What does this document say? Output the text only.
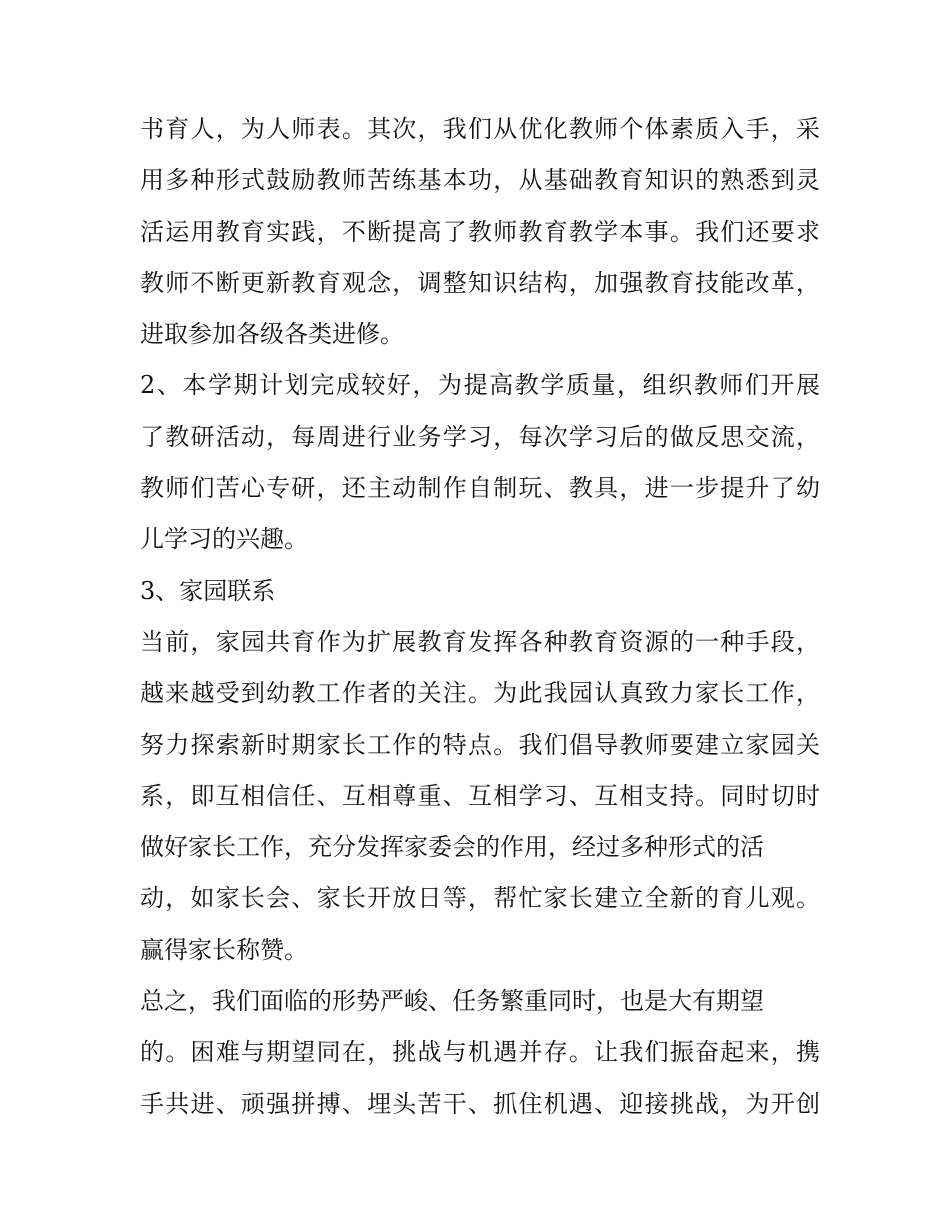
书育人，为人师表。其次，我们从优化教师个体素质入手，采
用多种形式鼓励教师苦练基本功，从基础教育知识的熟悉到灵
活运用教育实践，不断提高了教师教育教学本事。我们还要求
教师不断更新教育观念，调整知识结构，加强教育技能改革，
进取参加各级各类进修。
2、本学期计划完成较好，为提高教学质量，组织教师们开展
了教研活动，每周进行业务学习，每次学习后的做反思交流，
教师们苦心专研，还主动制作自制玩、教具，进一步提升了幼
儿学习的兴趣。
3、家园联系
当前，家园共育作为扩展教育发挥各种教育资源的一种手段，
越来越受到幼教工作者的关注。为此我园认真致力家长工作，
努力探索新时期家长工作的特点。我们倡导教师要建立家园关
系，即互相信任、互相尊重、互相学习、互相支持。同时切时
做好家长工作，充分发挥家委会的作用，经过多种形式的活
动，如家长会、家长开放日等，帮忙家长建立全新的育儿观。
赢得家长称赞。
总之，我们面临的形势严峻、任务繁重同时，也是大有期望
的。困难与期望同在，挑战与机遇并存。让我们振奋起来，携
手共进、顽强拼搏、埋头苦干、抓住机遇、迎接挑战，为开创
